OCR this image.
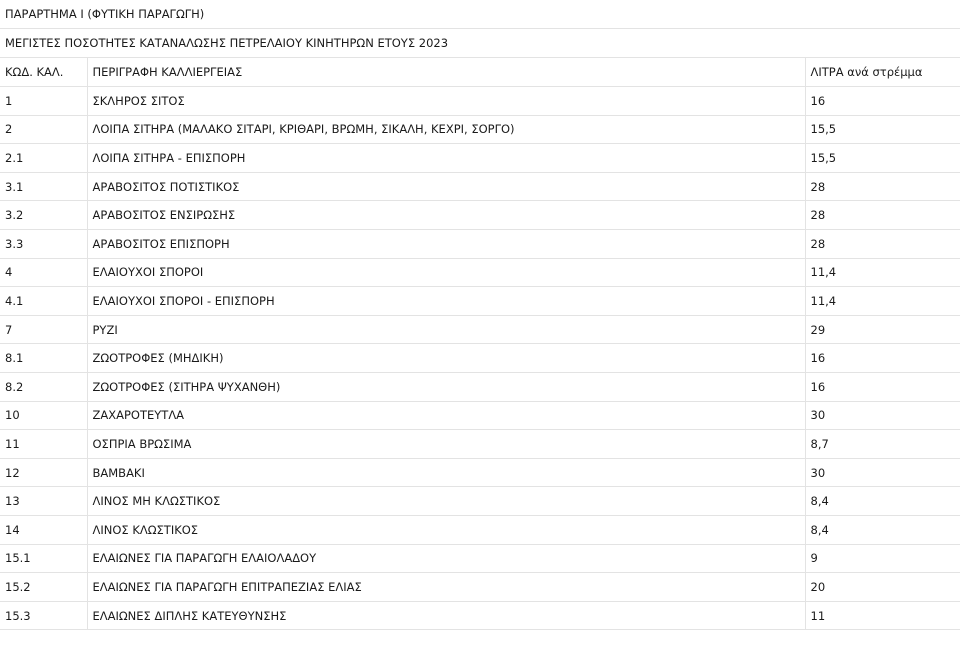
ΠΑΡΑΡΤΗΜΑ Ι (ΦΥΤΙΚΗ ΠΑΡΑΓΩΓΗ)
ΜΕΓΙΣΤΕΣ ΠΟΣΟΤΗΤΕΣ ΚΑΤΑΝΑΛΩΣΗΣ ΠΕΤΡΕΛΑΙΟΥ ΚΙΝΗΤΗΡΩΝ ΕΤΟΥΣ 2023
ΚΩΔ. ΚΑΛ.	ΠΕΡΙΓΡΑΦΗ ΚΑΛΛΙΕΡΓΕΙΑΣ	ΛΙΤΡΑ ανά στρέμμα
1	ΣΚΛΗΡΟΣ ΣΙΤΟΣ	16
2	ΛΟΙΠΑ ΣΙΤΗΡΑ (ΜΑΛΑΚΟ ΣΙΤΑΡΙ, ΚΡΙΘΑΡΙ, ΒΡΩΜΗ, ΣΙΚΑΛΗ, ΚΕΧΡΙ, ΣΟΡΓΟ)	15,5
2.1	ΛΟΙΠΑ ΣΙΤΗΡΑ - ΕΠΙΣΠΟΡΗ	15,5
3.1	ΑΡΑΒΟΣΙΤΟΣ ΠΟΤΙΣΤΙΚΟΣ	28
3.2	ΑΡΑΒΟΣΙΤΟΣ ΕΝΣΙΡΩΣΗΣ	28
3.3	ΑΡΑΒΟΣΙΤΟΣ ΕΠΙΣΠΟΡΗ	28
4	ΕΛΑΙΟΥΧΟΙ ΣΠΟΡΟΙ	11,4
4.1	ΕΛΑΙΟΥΧΟΙ ΣΠΟΡΟΙ - ΕΠΙΣΠΟΡΗ	11,4
7	ΡΥΖΙ	29
8.1	ΖΩΟΤΡΟΦΕΣ (ΜΗΔΙΚΗ)	16
8.2	ΖΩΟΤΡΟΦΕΣ (ΣΙΤΗΡΑ ΨΥΧΑΝΘΗ)	16
10	ΖΑΧΑΡΟΤΕΥΤΛΑ	30
11	ΟΣΠΡΙΑ ΒΡΩΣΙΜΑ	8,7
12	ΒΑΜΒΑΚΙ	30
13	ΛΙΝΟΣ ΜΗ ΚΛΩΣΤΙΚΟΣ	8,4
14	ΛΙΝΟΣ ΚΛΩΣΤΙΚΟΣ	8,4
15.1	ΕΛΑΙΩΝΕΣ ΓΙΑ ΠΑΡΑΓΩΓΗ ΕΛΑΙΟΛΑΔΟΥ	9
15.2	ΕΛΑΙΩΝΕΣ ΓΙΑ ΠΑΡΑΓΩΓΗ ΕΠΙΤΡΑΠΕΖΙΑΣ ΕΛΙΑΣ	20
15.3	ΕΛΑΙΩΝΕΣ ΔΙΠΛΗΣ ΚΑΤΕΥΘΥΝΣΗΣ	11
